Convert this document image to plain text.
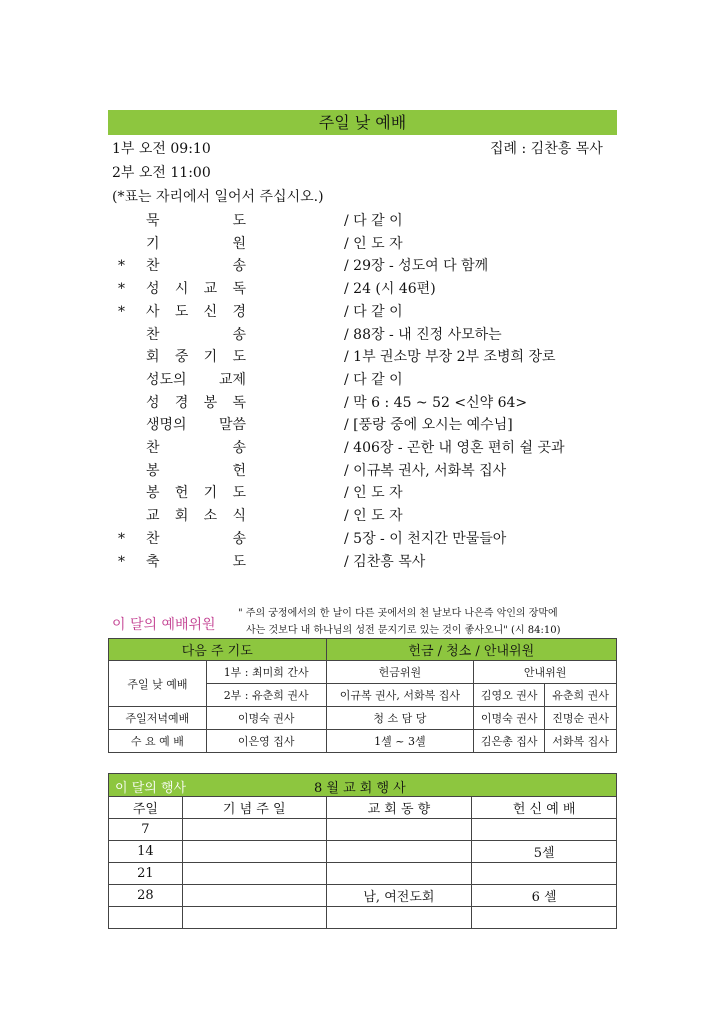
주일 낮 예배
1부 오전 09:10	집례 : 김찬흥 목사
2부 오전 11:00
(*표는 자리에서 일어서 주십시오.)
묵	도	/ 다 같 이
기	원	/ 인 도 자
*	찬	송	/ 29장 - 성도여 다 함께
*	성 시 교 독	/ 24 (시 46편)
*	사 도 신 경	/ 다 같 이
찬	송	/ 88장 - 내 진정 사모하는
회 중 기 도	/ 1부 권소망 부장 2부 조병희 장로
성도의 교제	/ 다 같 이
성 경 봉 독	/ 막 6 : 45 ~ 52 <신약 64>
생명의 말씀	/ [풍랑 중에 오시는 예수님]
찬	송	/ 406장 - 곤한 내 영혼 편히 쉴 곳과
봉	헌	/ 이규복 권사, 서화복 집사
봉 헌 기 도	/ 인 도 자
교 회 소 식	/ 인 도 자
*	찬	송	/ 5장 - 이 천지간 만물들아
*	축	도	/ 김찬흥 목사
이 달의 예배위원
" 주의 궁정에서의 한 날이 다른 곳에서의 천 날보다 나은즉 악인의 장막에
사는 것보다 내 하나님의 성전 문지기로 있는 것이 좋사오니" (시 84:10)
다음 주 기도		헌금 / 청소 / 안내위원		
주일 낮 예배	1부 : 최미희 간사	헌금위원	안내위원	
	2부 : 유춘희 권사	이규복 권사, 서화복 집사	김영오 권사	유춘희 권사
주일저녁예배	이명숙 권사	청 소 담 당	이명숙 권사	진명순 권사
수 요 예 배	이은영 집사	1셀 ~ 3셀	김은총 집사	서화복 집사
이 달의 행사 8 월 교 회 행 사			

주일	기 념 주 일	교 회 동 향	헌 신 예 배
7			
14			5셀
21			
28		남, 여전도회	6 셀
